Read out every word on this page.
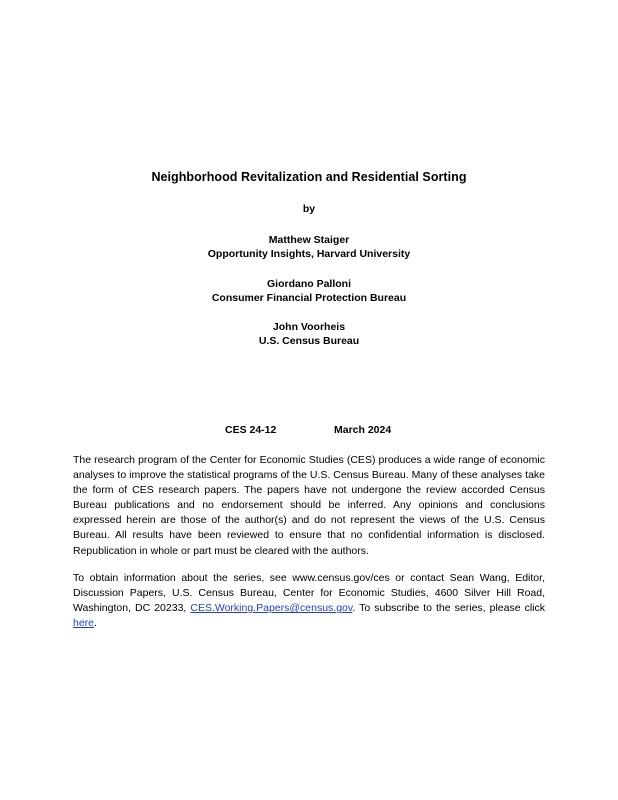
Neighborhood Revitalization and Residential Sorting
by
Matthew Staiger
Opportunity Insights, Harvard University
Giordano Palloni
Consumer Financial Protection Bureau
John Voorheis
U.S. Census Bureau
CES 24-12	March 2024

The research program of the Center for Economic Studies (CES) produces a wide range of economic analyses to improve the statistical programs of the U.S. Census Bureau. Many of these analyses take the form of CES research papers. The papers have not undergone the review accorded Census Bureau publications and no endorsement should be inferred. Any opinions and conclusions expressed herein are those of the author(s) and do not represent the views of the U.S. Census Bureau. All results have been reviewed to ensure that no confidential information is disclosed. Republication in whole or part must be cleared with the authors.

To obtain information about the series, see www.census.gov/ces or contact Sean Wang, Editor, Discussion Papers, U.S. Census Bureau, Center for Economic Studies, 4600 Silver Hill Road, Washington, DC 20233, CES.Working.Papers@census.gov. To subscribe to the series, please click here.
